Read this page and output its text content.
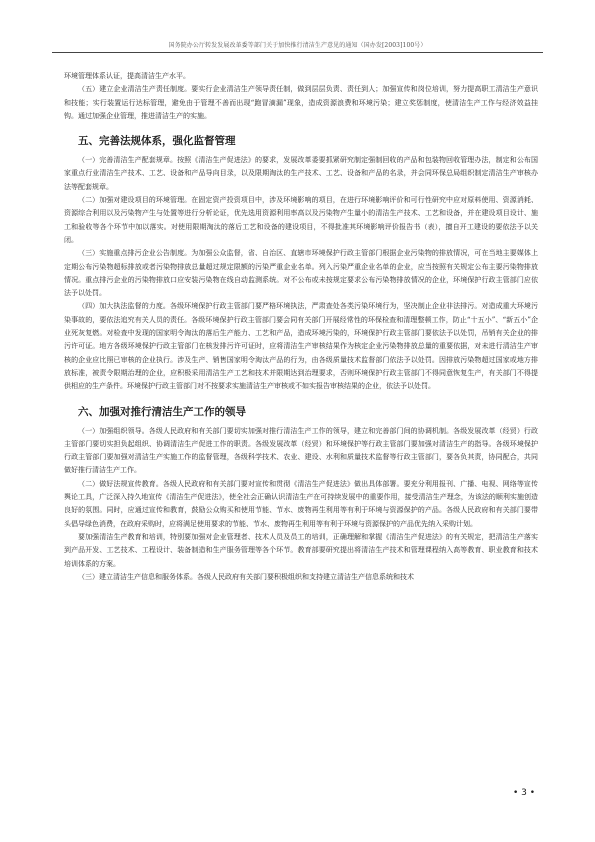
国务院办公厅转发发展改革委等部门关于加快推行清洁生产意见的通知（国办发[2003]100号）
环境管理体系认证，提高清洁生产水平。
（五）建立企业清洁生产责任制度。要实行企业清洁生产领导责任制，做到层层负责、责任到人；加强宣传和岗位培训，努力提高职工清洁生产意识和技能；实行装置运行达标管理，避免由于管理不善而出现“跑冒滴漏”现象，造成资源浪费和环境污染；建立奖惩制度，使清洁生产工作与经济效益挂钩。通过加强企业管理，推进清洁生产的实施。
五、完善法规体系，强化监督管理
（一）完善清洁生产配套规章。按照《清洁生产促进法》的要求，发展改革委要抓紧研究制定强制回收的产品和包装物回收管理办法，制定和公布国家重点行业清洁生产技术、工艺、设备和产品导向目录，以及限期淘汰的生产技术、工艺、设备和产品的名录，并会同环保总局组织制定清洁生产审核办法等配套规章。
（二）加强对建设项目的环境管理。在固定资产投资项目中，涉及环境影响的项目，在进行环境影响评价和可行性研究中应对原料使用、资源消耗、资源综合利用以及污染物产生与处置等进行分析论证，优先选用资源利用率高以及污染物产生量小的清洁生产技术、工艺和设备，并在建设项目设计、施工和验收等各个环节中加以落实。对使用限期淘汰的落后工艺和设备的建设项目，不得批准其环境影响评价报告书（表），擅自开工建设的要依法予以关闭。
（三）实施重点排污企业公告制度。为加强公众监督，省、自治区、直辖市环境保护行政主管部门根据企业污染物的排放情况，可在当地主要媒体上定期公布污染物超标排放或者污染物排放总量超过规定限额的污染严重企业名单。列入污染严重企业名单的企业，应当按照有关规定公布主要污染物排放情况。重点排污企业的污染物排放口应安装污染物在线自动监测系统。对不公布或未按规定要求公布污染物排放情况的企业，环境保护行政主管部门应依法予以处罚。
（四）加大执法监督的力度。各级环境保护行政主管部门要严格环境执法，严肃查处各类污染环境行为，坚决制止企业非法排污。对造成重大环境污染事故的，要依法追究有关人员的责任。各级环境保护行政主管部门要会同有关部门开展经常性的环保检查和清理整顿工作，防止“十五小”、“新五小”企业死灰复燃。对检查中发现的国家明令淘汰的落后生产能力、工艺和产品，造成环境污染的，环境保护行政主管部门要依法予以处罚，吊销有关企业的排污许可证。地方各级环境保护行政主管部门在核发排污许可证时，应将清洁生产审核结果作为核定企业污染物排放总量的重要依据，对未进行清洁生产审核的企业应比照已审核的企业执行。涉及生产、销售国家明令淘汰产品的行为，由各级质量技术监督部门依法予以处罚。因排放污染物超过国家或地方排放标准，被责令限期治理的企业，应积极采用清洁生产工艺和技术并限期达到治理要求，否则环境保护行政主管部门不得同意恢复生产，有关部门不得提供相应的生产条件。环境保护行政主管部门对不按要求实施清洁生产审核或不如实报告审核结果的企业，依法予以处罚。
六、加强对推行清洁生产工作的领导
（一）加强组织领导。各级人民政府和有关部门要切实加强对推行清洁生产工作的领导，建立和完善部门间的协调机制。各级发展改革（经贸）行政主管部门要切实担负起组织、协调清洁生产促进工作的职责。各级发展改革（经贸）和环境保护等行政主管部门要加强对清洁生产的指导。各级环境保护行政主管部门要加强对清洁生产实施工作的监督管理，各级科学技术、农业、建设、水利和质量技术监督等行政主管部门，要各负其责，协同配合，共同做好推行清洁生产工作。
（二）做好法规宣传教育。各级人民政府和有关部门要对宣传和贯彻《清洁生产促进法》做出具体部署。要充分利用报刊、广播、电视、网络等宣传舆论工具，广泛深入持久地宣传《清洁生产促进法》，使全社会正确认识清洁生产在可持续发展中的重要作用，接受清洁生产理念，为该法的顺利实施创造良好的氛围。同时，应通过宣传和教育，鼓励公众购买和使用节能、节水、废物再生利用等有利于环境与资源保护的产品。各级人民政府和有关部门要带头倡导绿色消费，在政府采购时，应将满足使用要求的节能、节水、废物再生利用等有利于环境与资源保护的产品优先纳入采购计划。
要加强清洁生产教育和培训，特别要加强对企业管理者、技术人员及员工的培训，正确理解和掌握《清洁生产促进法》的有关规定，把清洁生产落实到产品开发、工艺技术、工程设计、装备制造和生产服务管理等各个环节。教育部要研究提出将清洁生产技术和管理课程纳入高等教育、职业教育和技术培训体系的方案。
（三）建立清洁生产信息和服务体系。各级人民政府有关部门要积极组织和支持建立清洁生产信息系统和技术
• 3 •
